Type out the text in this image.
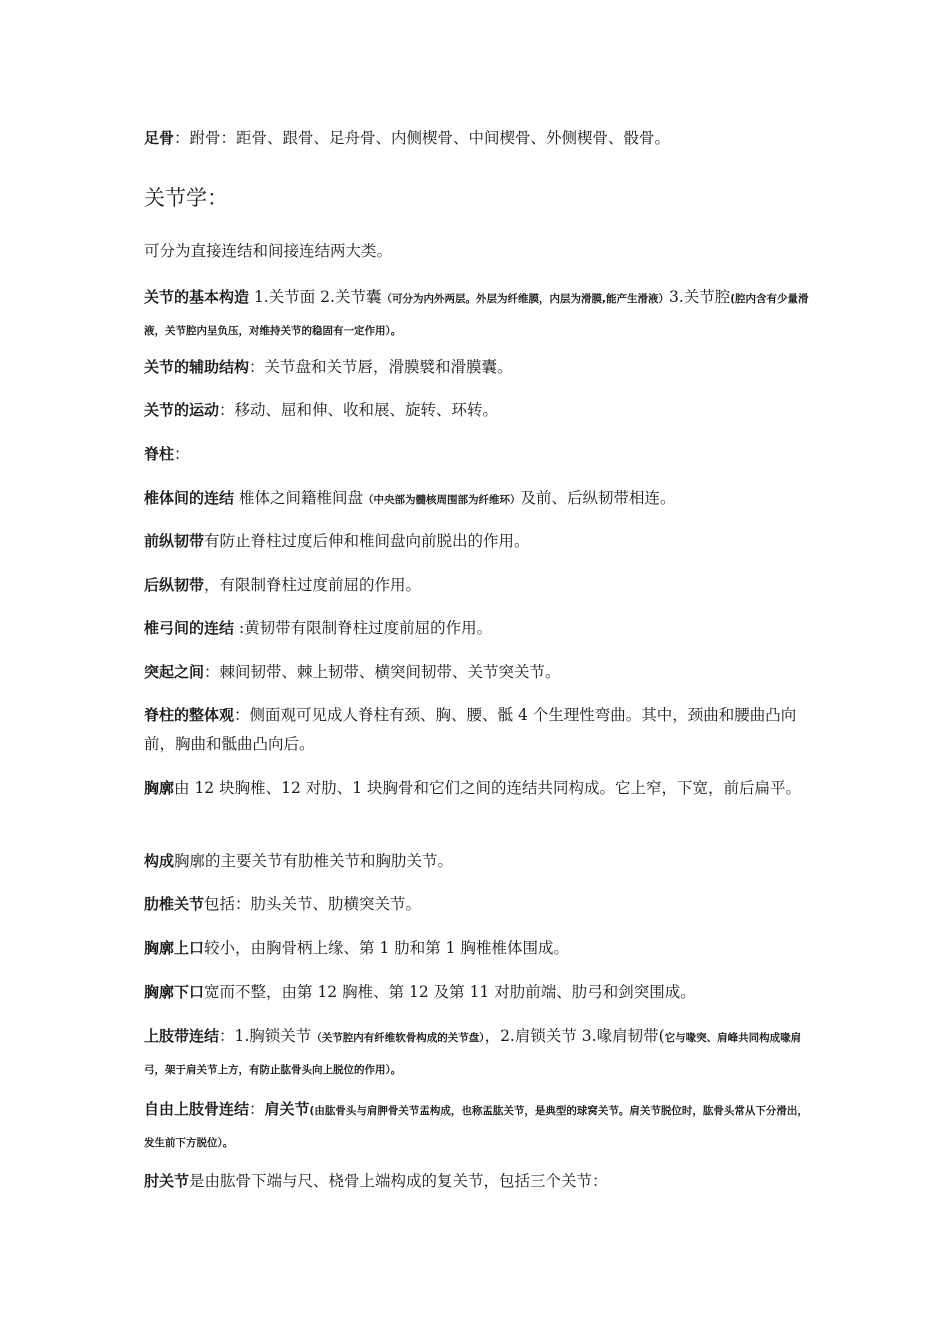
足骨：跗骨：距骨、跟骨、足舟骨、内侧楔骨、中间楔骨、外侧楔骨、骰骨。
关节学：
可分为直接连结和间接连结两大类。
关节的基本构造 1.关节面 2.关节囊（可分为内外两层。外层为纤维膜，内层为滑膜,能产生滑液）3.关节腔(腔内含有少量滑液，关节腔内呈负压，对维持关节的稳固有一定作用）。
关节的辅助结构：关节盘和关节唇，滑膜襞和滑膜囊。
关节的运动：移动、屈和伸、收和展、旋转、环转。
脊柱：
椎体间的连结 椎体之间籍椎间盘（中央部为髓核周围部为纤维环）及前、后纵韧带相连。
前纵韧带有防止脊柱过度后伸和椎间盘向前脱出的作用。
后纵韧带，有限制脊柱过度前屈的作用。
椎弓间的连结 :黄韧带有限制脊柱过度前屈的作用。
突起之间：棘间韧带、棘上韧带、横突间韧带、关节突关节。
脊柱的整体观：侧面观可见成人脊柱有颈、胸、腰、骶 4 个生理性弯曲。其中，颈曲和腰曲凸向前，胸曲和骶曲凸向后。
胸廓由 12 块胸椎、12 对肋、1 块胸骨和它们之间的连结共同构成。它上窄，下宽，前后扁平。
构成胸廓的主要关节有肋椎关节和胸肋关节。
肋椎关节包括：肋头关节、肋横突关节。
胸廓上口较小，由胸骨柄上缘、第 1 肋和第 1 胸椎椎体围成。
胸廓下口宽而不整，由第 12 胸椎、第 12 及第 11 对肋前端、肋弓和剑突围成。
上肢带连结：1.胸锁关节（关节腔内有纤维软骨构成的关节盘），2.肩锁关节 3.喙肩韧带(它与喙突、肩峰共同构成喙肩弓，架于肩关节上方，有防止肱骨头向上脱位的作用）。
自由上肢骨连结：肩关节(由肱骨头与肩胛骨关节盂构成，也称盂肱关节，是典型的球窝关节。肩关节脱位时，肱骨头常从下分滑出，发生前下方脱位）。
肘关节是由肱骨下端与尺、桡骨上端构成的复关节，包括三个关节：
